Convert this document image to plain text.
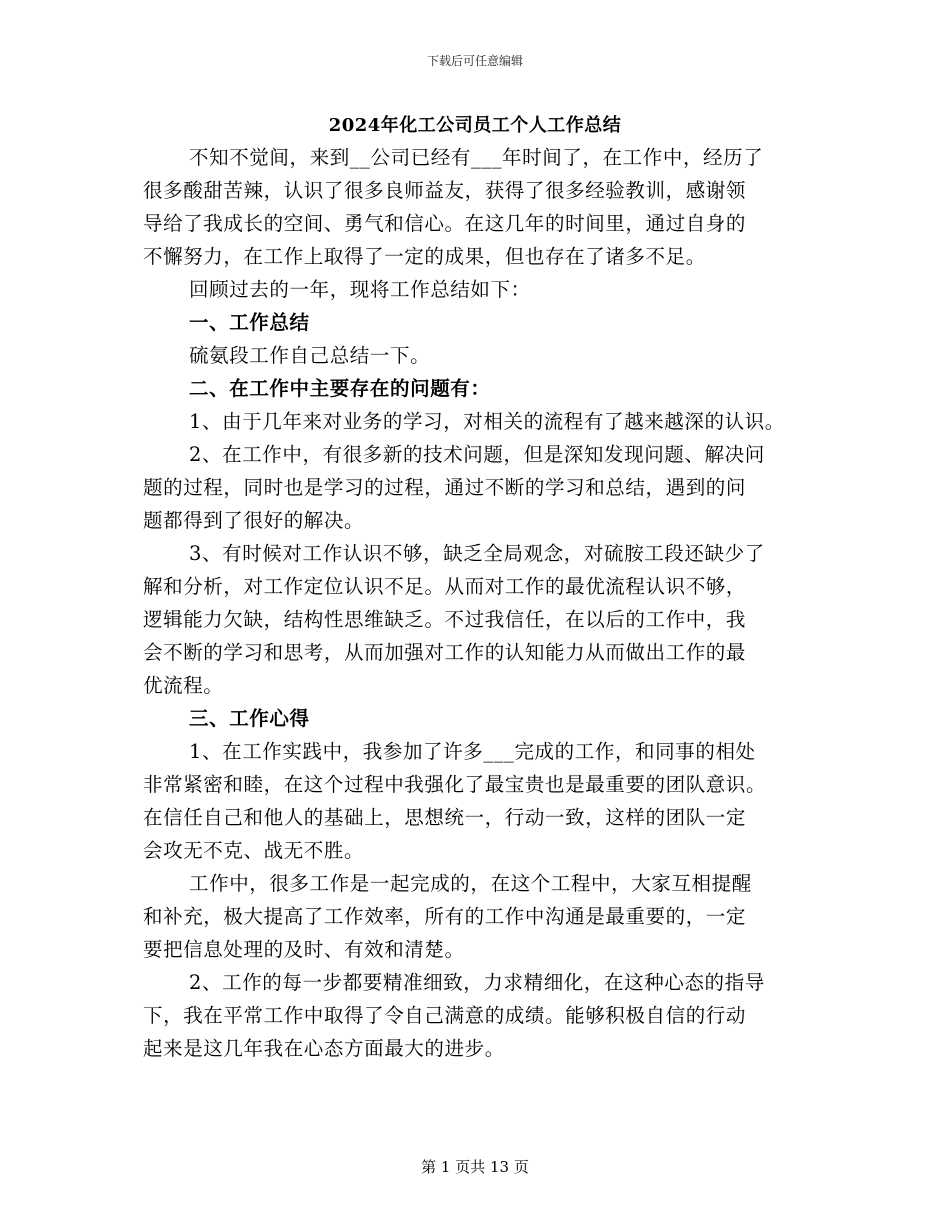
下载后可任意编辑
2024年化工公司员工个人工作总结
不知不觉间，来到__公司已经有___年时间了，在工作中，经历了
很多酸甜苦辣，认识了很多良师益友，获得了很多经验教训，感谢领
导给了我成长的空间、勇气和信心。在这几年的时间里，通过自身的
不懈努力，在工作上取得了一定的成果，但也存在了诸多不足。
回顾过去的一年，现将工作总结如下：
一、工作总结
硫氨段工作自己总结一下。
二、在工作中主要存在的问题有：
1、由于几年来对业务的学习，对相关的流程有了越来越深的认识。
2、在工作中，有很多新的技术问题，但是深知发现问题、解决问
题的过程，同时也是学习的过程，通过不断的学习和总结，遇到的问
题都得到了很好的解决。
3、有时候对工作认识不够，缺乏全局观念，对硫胺工段还缺少了
解和分析，对工作定位认识不足。从而对工作的最优流程认识不够，
逻辑能力欠缺，结构性思维缺乏。不过我信任，在以后的工作中，我
会不断的学习和思考，从而加强对工作的认知能力从而做出工作的最
优流程。
三、工作心得
1、在工作实践中，我参加了许多___完成的工作，和同事的相处
非常紧密和睦，在这个过程中我强化了最宝贵也是最重要的团队意识。
在信任自己和他人的基础上，思想统一，行动一致，这样的团队一定
会攻无不克、战无不胜。
工作中，很多工作是一起完成的，在这个工程中，大家互相提醒
和补充，极大提高了工作效率，所有的工作中沟通是最重要的，一定
要把信息处理的及时、有效和清楚。
2、工作的每一步都要精准细致，力求精细化，在这种心态的指导
下，我在平常工作中取得了令自己满意的成绩。能够积极自信的行动
起来是这几年我在心态方面最大的进步。
第 1 页共 13 页
